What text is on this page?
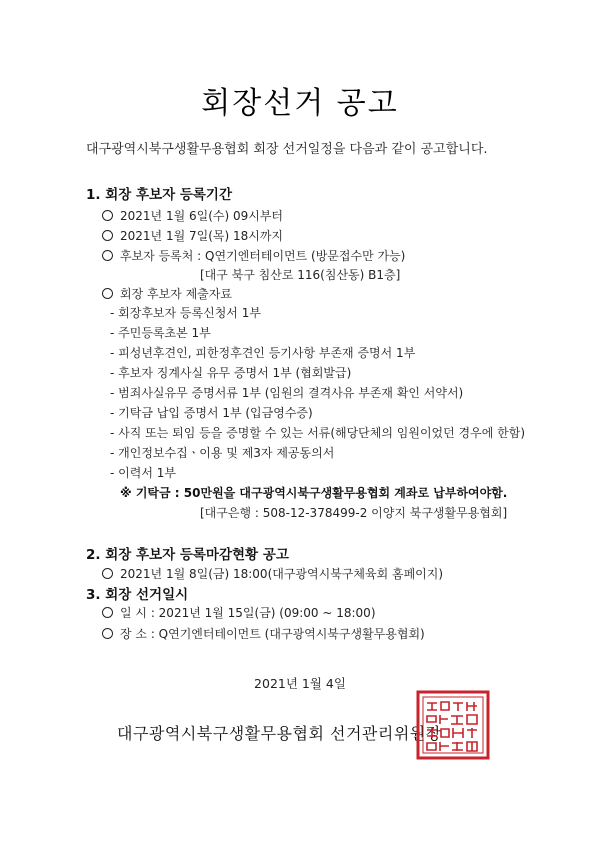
회장선거 공고
대구광역시북구생활무용협회 회장 선거일정을 다음과 같이 공고합니다.
1. 회장 후보자 등록기간
2021년 1월 6일(수) 09시부터
2021년 1월 7일(목) 18시까지
후보자 등록처 : Q연기엔터테이먼트 (방문접수만 가능)
[대구 북구 침산로 116(침산동) B1층]
회장 후보자 제출자료
- 회장후보자 등록신청서 1부
- 주민등록초본 1부
- 피성년후견인, 피한정후견인 등기사항 부존재 증명서 1부
- 후보자 징계사실 유무 증명서 1부 (협회발급)
- 범죄사실유무 증명서류 1부 (임원의 결격사유 부존재 확인 서약서)
- 기탁금 납입 증명서 1부 (입금영수증)
- 사직 또는 퇴임 등을 증명할 수 있는 서류(해당단체의 임원이었던 경우에 한함)
- 개인정보수집ㆍ이용 및 제3자 제공동의서
- 이력서 1부
※ 기탁금 : 50만원을 대구광역시북구생활무용협회 계좌로 납부하여야함.
[대구은행 : 508-12-378499-2 이양지 북구생활무용협회]
2. 회장 후보자 등록마감현황 공고
2021년 1월 8일(금) 18:00(대구광역시북구체육회 홈페이지)
3. 회장 선거일시
일 시 : 2021년 1월 15일(금) (09:00 ~ 18:00)
장 소 : Q연기엔터테이먼트 (대구광역시북구생활무용협회)
2021년 1월 4일
대구광역시북구생활무용협회 선거관리위원장
